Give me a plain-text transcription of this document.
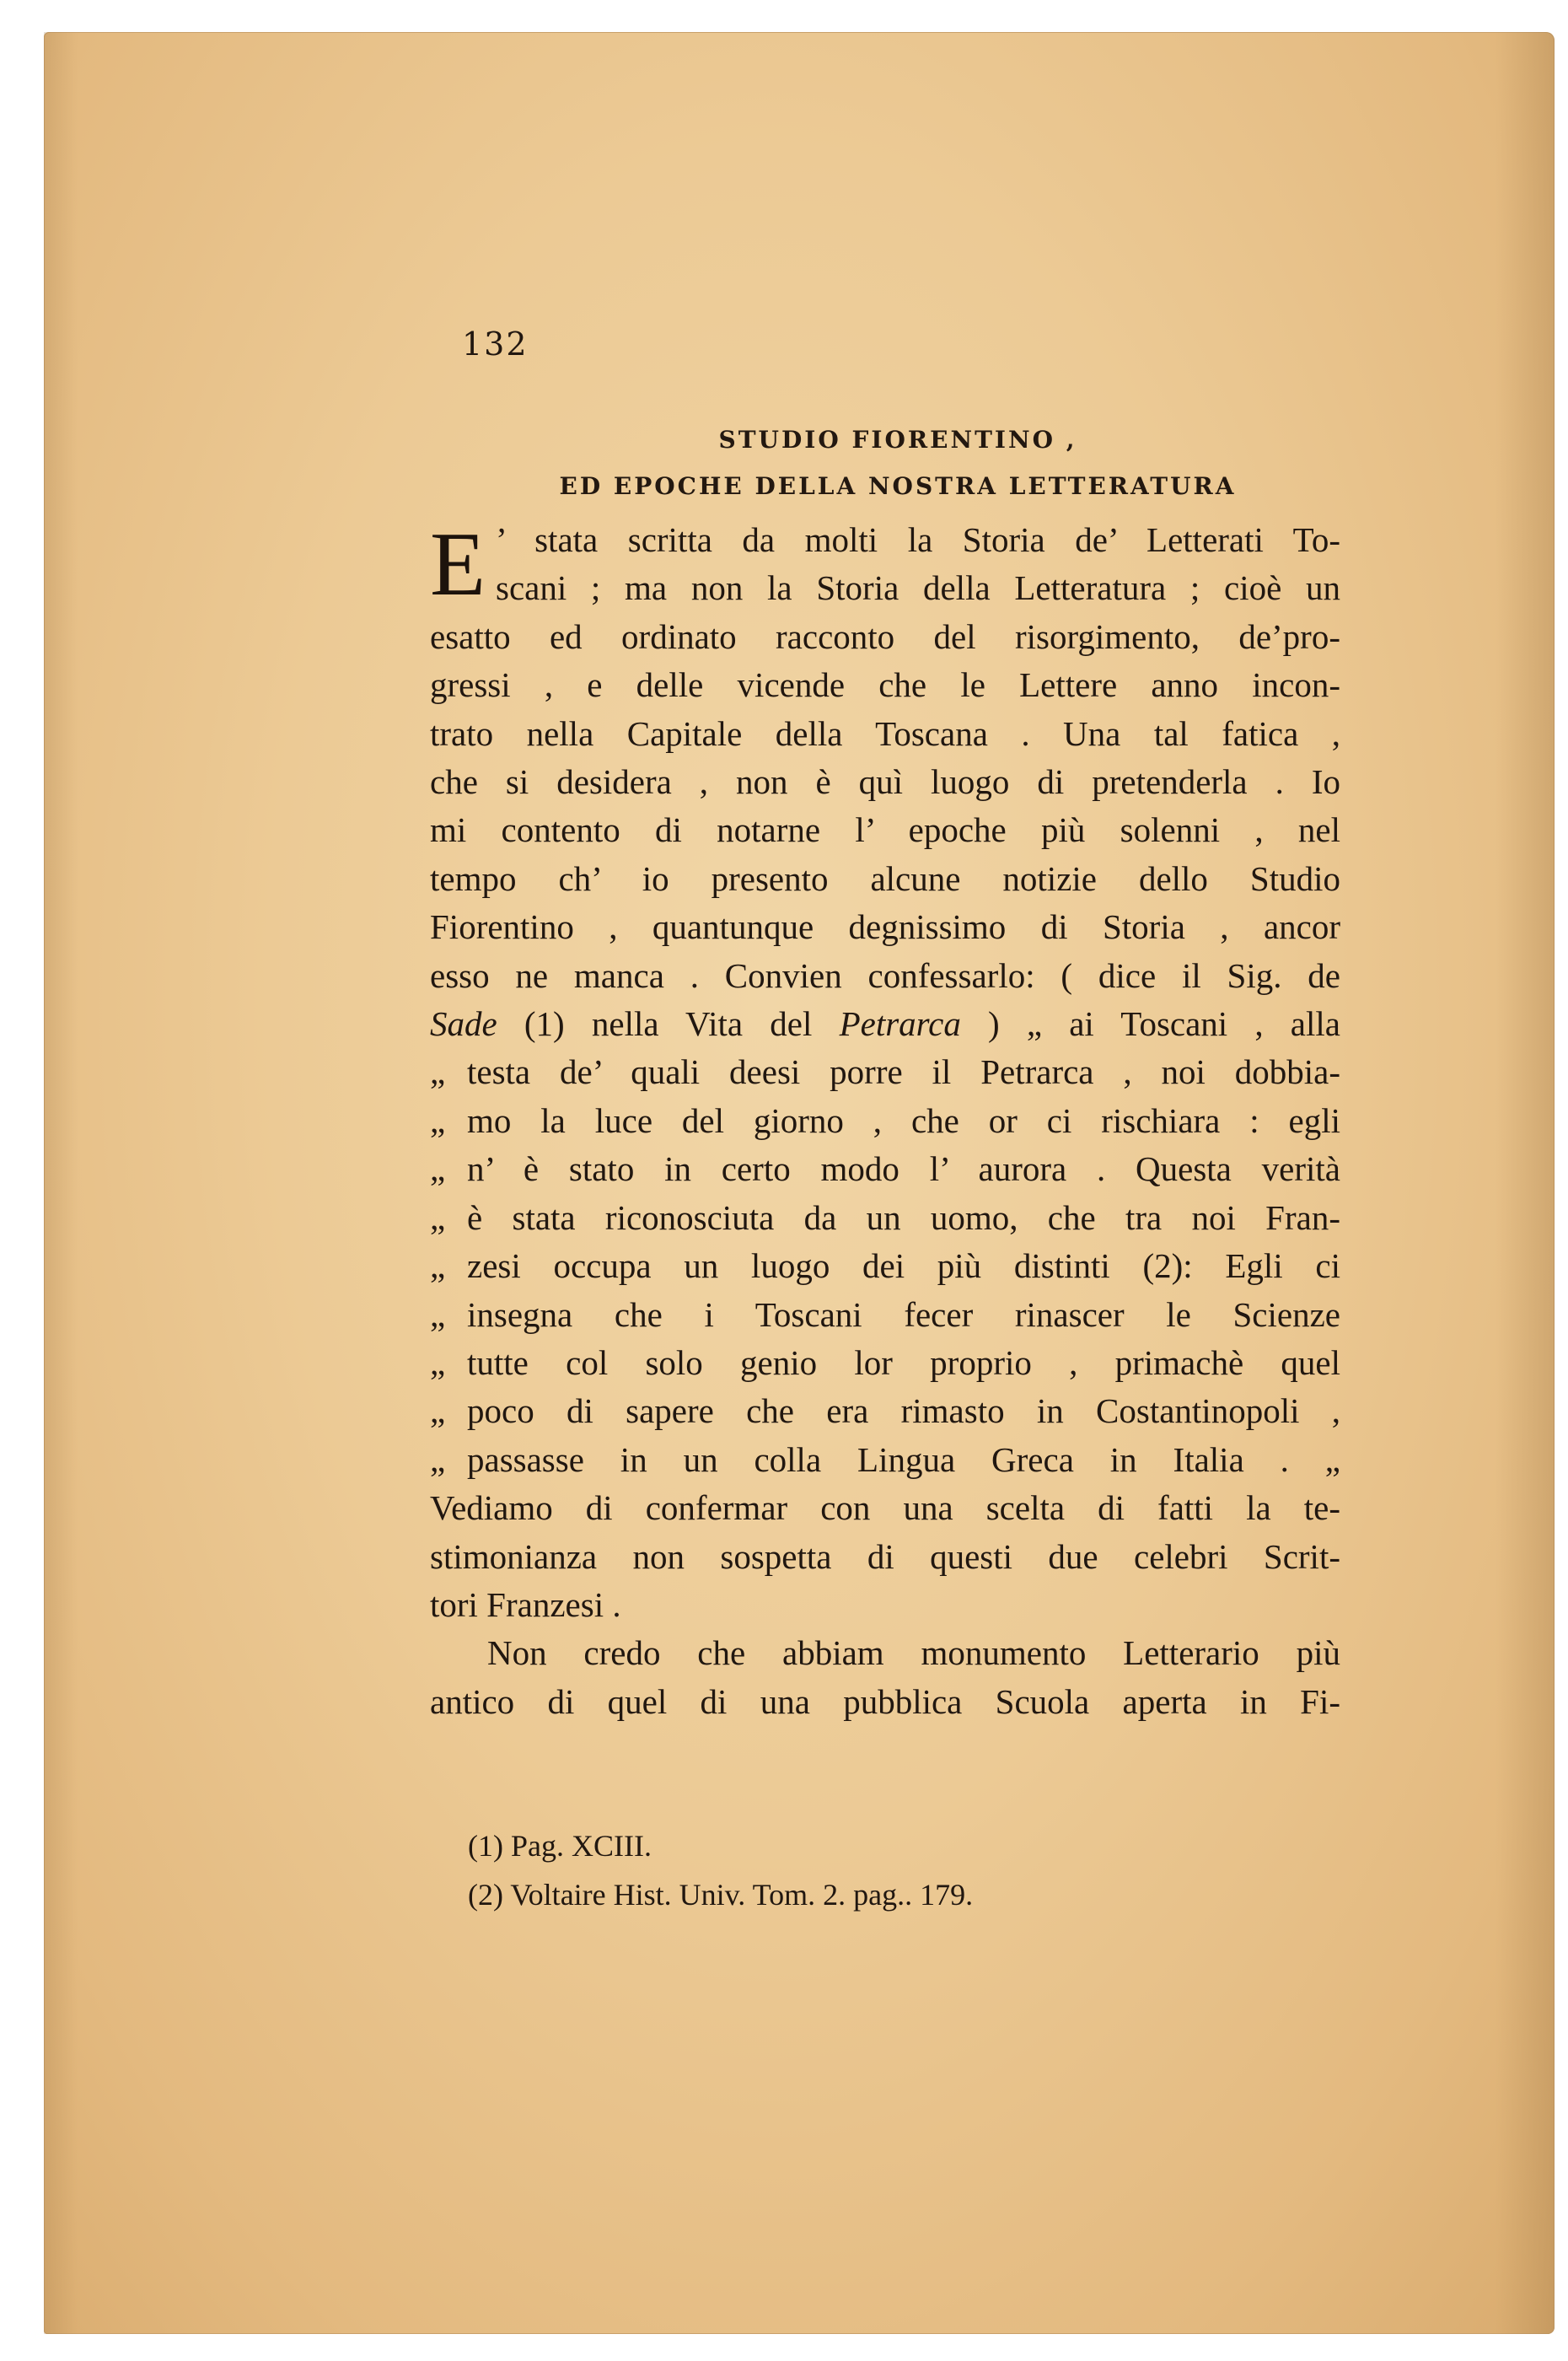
132
STUDIO FIORENTINO ,
ED EPOCHE DELLA NOSTRA LETTERATURA
E ’ stata scritta da molti la Storia de’ Letterati To-
scani ; ma non la Storia della Letteratura ; cioè un
esatto ed ordinato racconto del risorgimento, de’pro-
gressi , e delle vicende che le Lettere anno incon-
trato nella Capitale della Toscana . Una tal fatica ,
che si desidera , non è quì luogo di pretenderla . Io
mi contento di notarne l’ epoche più solenni , nel
tempo ch’ io presento alcune notizie dello Studio
Fiorentino , quantunque degnissimo di Storia , ancor
esso ne manca . Convien confessarlo: ( dice il Sig. de
Sade (1) nella Vita del Petrarca ) „ ai Toscani , alla
„ testa de’ quali deesi porre il Petrarca , noi dobbia-
„ mo la luce del giorno , che or ci rischiara : egli
„ n’ è stato in certo modo l’ aurora . Questa verità
„ è stata riconosciuta da un uomo, che tra noi Fran-
„ zesi occupa un luogo dei più distinti (2): Egli ci
„ insegna che i Toscani fecer rinascer le Scienze
„ tutte col solo genio lor proprio , primachè quel
„ poco di sapere che era rimasto in Costantinopoli ,
„ passasse in un colla Lingua Greca in Italia . „
Vediamo di confermar con una scelta di fatti la te-
stimonianza non sospetta di questi due celebri Scrit-
tori Franzesi .
Non credo che abbiam monumento Letterario più
antico di quel di una pubblica Scuola aperta in Fi-
(1) Pag. XCIII.
(2) Voltaire Hist. Univ. Tom. 2. pag.. 179.
